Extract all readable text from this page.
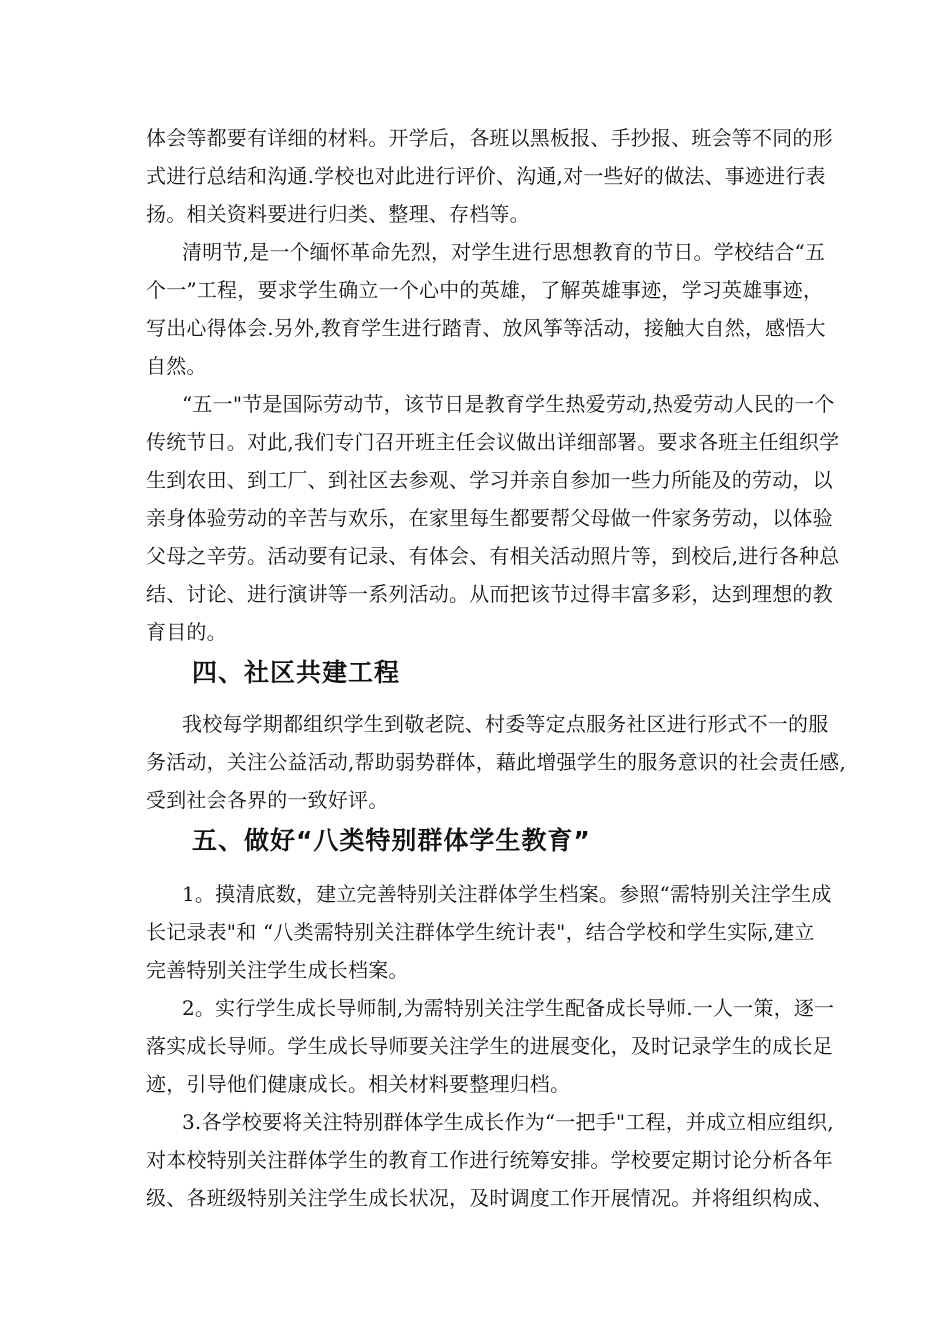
体会等都要有详细的材料。开学后，各班以黑板报、手抄报、班会等不同的形
式进行总结和沟通.学校也对此进行评价、沟通,对一些好的做法、事迹进行表
扬。相关资料要进行归类、整理、存档等。
清明节,是一个缅怀革命先烈，对学生进行思想教育的节日。学校结合“五
个一”工程，要求学生确立一个心中的英雄，了解英雄事迹，学习英雄事迹，
写出心得体会.另外,教育学生进行踏青、放风筝等活动，接触大自然，感悟大
自然。
“五一"节是国际劳动节，该节日是教育学生热爱劳动,热爱劳动人民的一个
传统节日。对此,我们专门召开班主任会议做出详细部署。要求各班主任组织学
生到农田、到工厂、到社区去参观、学习并亲自参加一些力所能及的劳动，以
亲身体验劳动的辛苦与欢乐，在家里每生都要帮父母做一件家务劳动，以体验
父母之辛劳。活动要有记录、有体会、有相关活动照片等，到校后,进行各种总
结、讨论、进行演讲等一系列活动。从而把该节过得丰富多彩，达到理想的教
育目的。
四、社区共建工程
我校每学期都组织学生到敬老院、村委等定点服务社区进行形式不一的服
务活动，关注公益活动,帮助弱势群体，藉此增强学生的服务意识的社会责任感,
受到社会各界的一致好评。
五、做好“八类特别群体学生教育”
1。摸清底数，建立完善特别关注群体学生档案。参照“需特别关注学生成
长记录表"和 “八类需特别关注群体学生统计表"，结合学校和学生实际,建立
完善特别关注学生成长档案。
2。实行学生成长导师制,为需特别关注学生配备成长导师.一人一策，逐一
落实成长导师。学生成长导师要关注学生的进展变化，及时记录学生的成长足
迹，引导他们健康成长。相关材料要整理归档。
3.各学校要将关注特别群体学生成长作为“一把手"工程，并成立相应组织,
对本校特别关注群体学生的教育工作进行统筹安排。学校要定期讨论分析各年
级、各班级特别关注学生成长状况，及时调度工作开展情况。并将组织构成、
